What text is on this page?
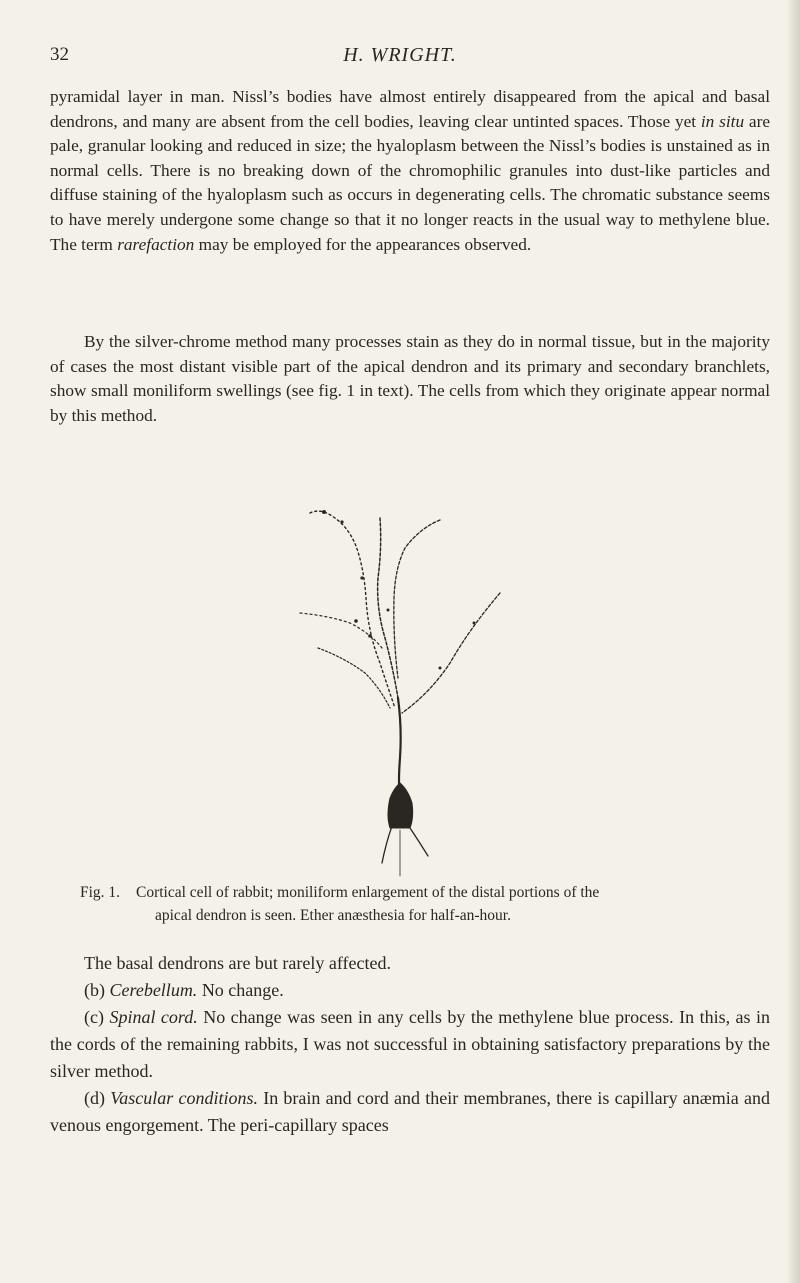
32	H. WRIGHT.

pyramidal layer in man. Nissl’s bodies have almost entirely disappeared from the apical and basal dendrons, and many are absent from the cell bodies, leaving clear untinted spaces. Those yet in situ are pale, granular looking and reduced in size; the hyaloplasm between the Nissl’s bodies is unstained as in normal cells. There is no breaking down of the chromophilic granules into dust-like particles and diffuse staining of the hyaloplasm such as occurs in degenerating cells. The chromatic substance seems to have merely undergone some change so that it no longer reacts in the usual way to methylene blue. The term rarefaction may be employed for the appearances observed.

By the silver-chrome method many processes stain as they do in normal tissue, but in the majority of cases the most distant visible part of the apical dendron and its primary and secondary branchlets, show small moniliform swellings (see fig. 1 in text). The cells from which they originate appear normal by this method.

Fig. 1. Cortical cell of rabbit; moniliform enlargement of the distal portions of the
apical dendron is seen. Ether anæsthesia for half-an-hour.
The basal dendrons are but rarely affected.
(b) Cerebellum. No change.
(c) Spinal cord. No change was seen in any cells by the methylene blue process. In this, as in the cords of the remaining rabbits, I was not successful in obtaining satisfactory preparations by the silver method.
(d) Vascular conditions. In brain and cord and their membranes, there is capillary anæmia and venous engorgement. The peri-capillary spaces
